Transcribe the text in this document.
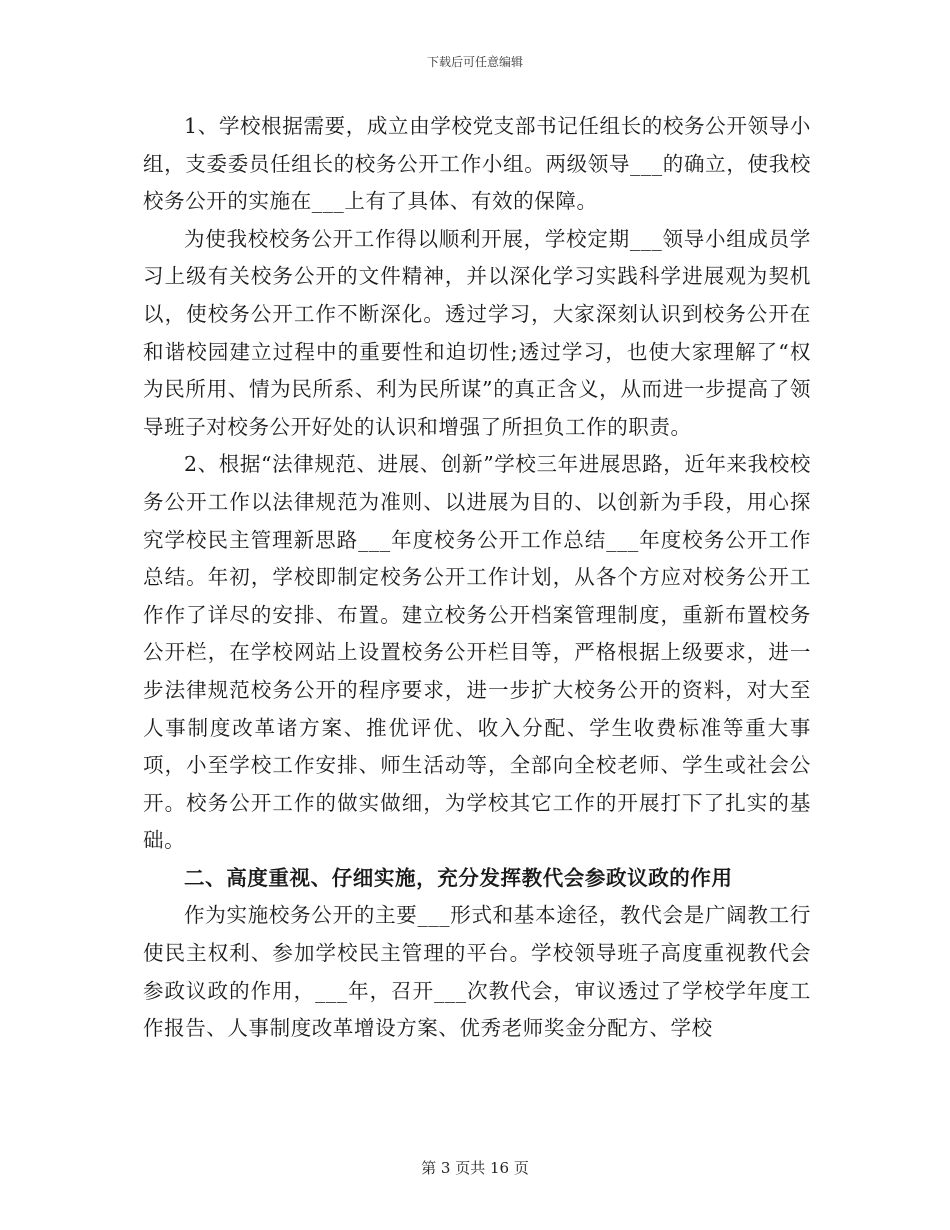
下载后可任意编辑

1、学校根据需要，成立由学校党支部书记任组长的校务公开领导小组，支委委员任组长的校务公开工作小组。两级领导___的确立，使我校校务公开的实施在___上有了具体、有效的保障。

为使我校校务公开工作得以顺利开展，学校定期___领导小组成员学习上级有关校务公开的文件精神，并以深化学习实践科学进展观为契机以，使校务公开工作不断深化。透过学习，大家深刻认识到校务公开在和谐校园建立过程中的重要性和迫切性;透过学习，也使大家理解了“权为民所用、情为民所系、利为民所谋”的真正含义，从而进一步提高了领导班子对校务公开好处的认识和增强了所担负工作的职责。

2、根据“法律规范、进展、创新”学校三年进展思路，近年来我校校务公开工作以法律规范为准则、以进展为目的、以创新为手段，用心探究学校民主管理新思路___年度校务公开工作总结___年度校务公开工作总结。年初，学校即制定校务公开工作计划，从各个方应对校务公开工作作了详尽的安排、布置。建立校务公开档案管理制度，重新布置校务公开栏，在学校网站上设置校务公开栏目等，严格根据上级要求，进一步法律规范校务公开的程序要求，进一步扩大校务公开的资料，对大至人事制度改革诸方案、推优评优、收入分配、学生收费标准等重大事项，小至学校工作安排、师生活动等，全部向全校老师、学生或社会公开。校务公开工作的做实做细，为学校其它工作的开展打下了扎实的基础。

二、高度重视、仔细实施，充分发挥教代会参政议政的作用

作为实施校务公开的主要___形式和基本途径，教代会是广阔教工行使民主权利、参加学校民主管理的平台。学校领导班子高度重视教代会参政议政的作用，___年，召开___次教代会，审议透过了学校学年度工作报告、人事制度改革增设方案、优秀老师奖金分配方、学校

第 3 页共 16 页
